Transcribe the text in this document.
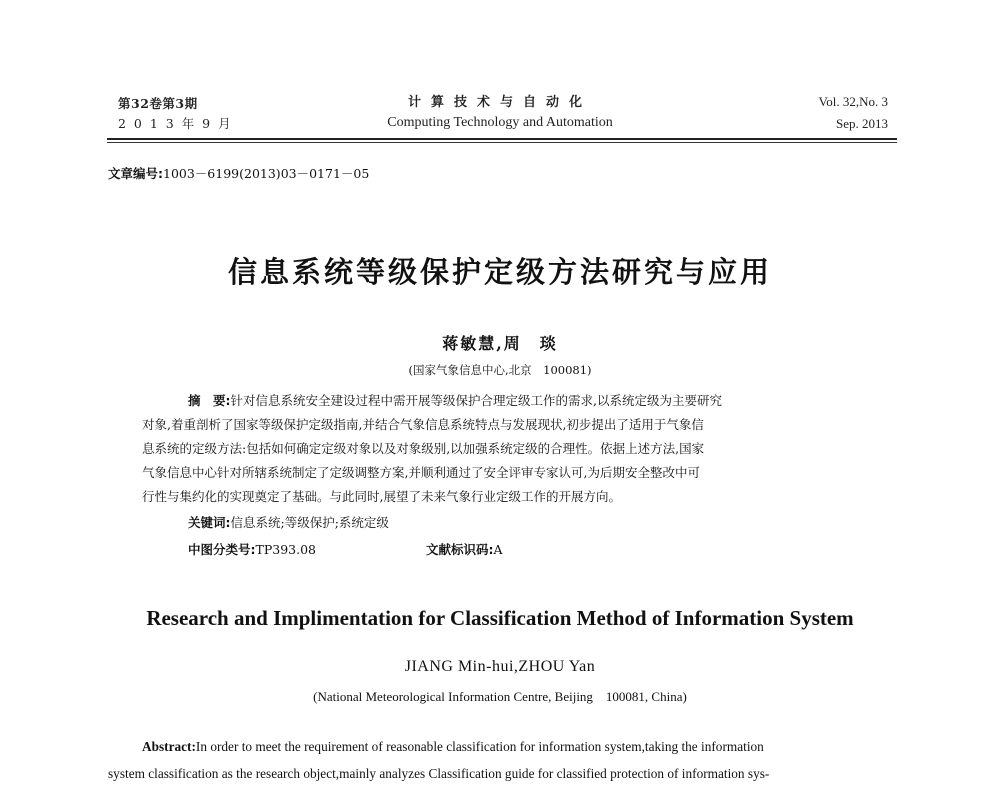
第32卷第3期
2 0 1 3 年 9 月
计算技术与自动化
Computing Technology and Automation
Vol. 32,No. 3
Sep. 2013
文章编号:1003－6199(2013)03－0171－05
信息系统等级保护定级方法研究与应用
蒋敏慧,周　琰
(国家气象信息中心,北京　100081)
摘　要:针对信息系统安全建设过程中需开展等级保护合理定级工作的需求,以系统定级为主要研究
对象,着重剖析了国家等级保护定级指南,并结合气象信息系统特点与发展现状,初步提出了适用于气象信
息系统的定级方法:包括如何确定定级对象以及对象级别,以加强系统定级的合理性。依据上述方法,国家
气象信息中心针对所辖系统制定了定级调整方案,并顺利通过了安全评审专家认可,为后期安全整改中可
行性与集约化的实现奠定了基础。与此同时,展望了未来气象行业定级工作的开展方向。
关键词:信息系统;等级保护;系统定级
中图分类号:TP393.08	文献标识码:A
Research and Implimentation for Classification Method of Information System
JIANG Min-hui,ZHOU Yan
(National Meteorological Information Centre, Beijing　100081, China)
Abstract:In order to meet the requirement of reasonable classification for information system,taking the information
system classification as the research object,mainly analyzes Classification guide for classified protection of information sys-
